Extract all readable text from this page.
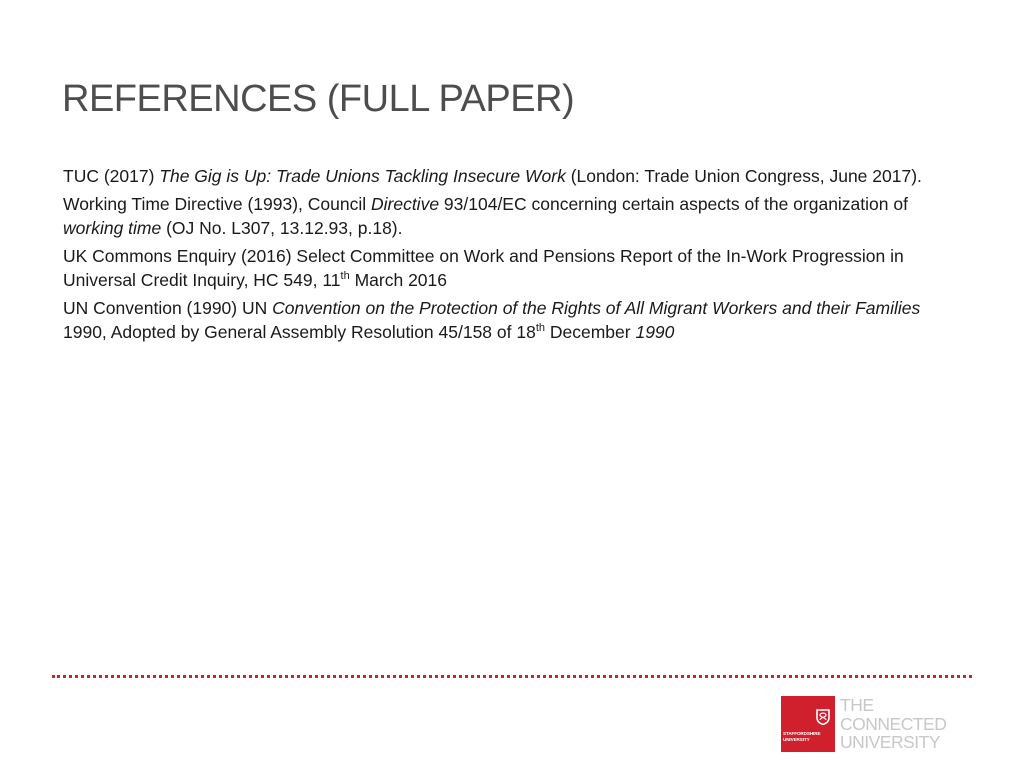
REFERENCES (FULL PAPER)

TUC (2017) The Gig is Up: Trade Unions Tackling Insecure Work (London: Trade Union Congress, June 2017).

Working Time Directive (1993), Council Directive 93/104/EC concerning certain aspects of the organization of working time (OJ No. L307, 13.12.93, p.18).

UK Commons Enquiry (2016) Select Committee on Work and Pensions Report of the In-Work Progression in Universal Credit Inquiry, HC 549, 11th March 2016

UN Convention (1990) UN Convention on the Protection of the Rights of All Migrant Workers and their Families 1990, Adopted by General Assembly Resolution 45/158 of 18th December 1990

STAFFORDSHIRE
UNIVERSITY
THE
CONNECTED
UNIVERSITY
